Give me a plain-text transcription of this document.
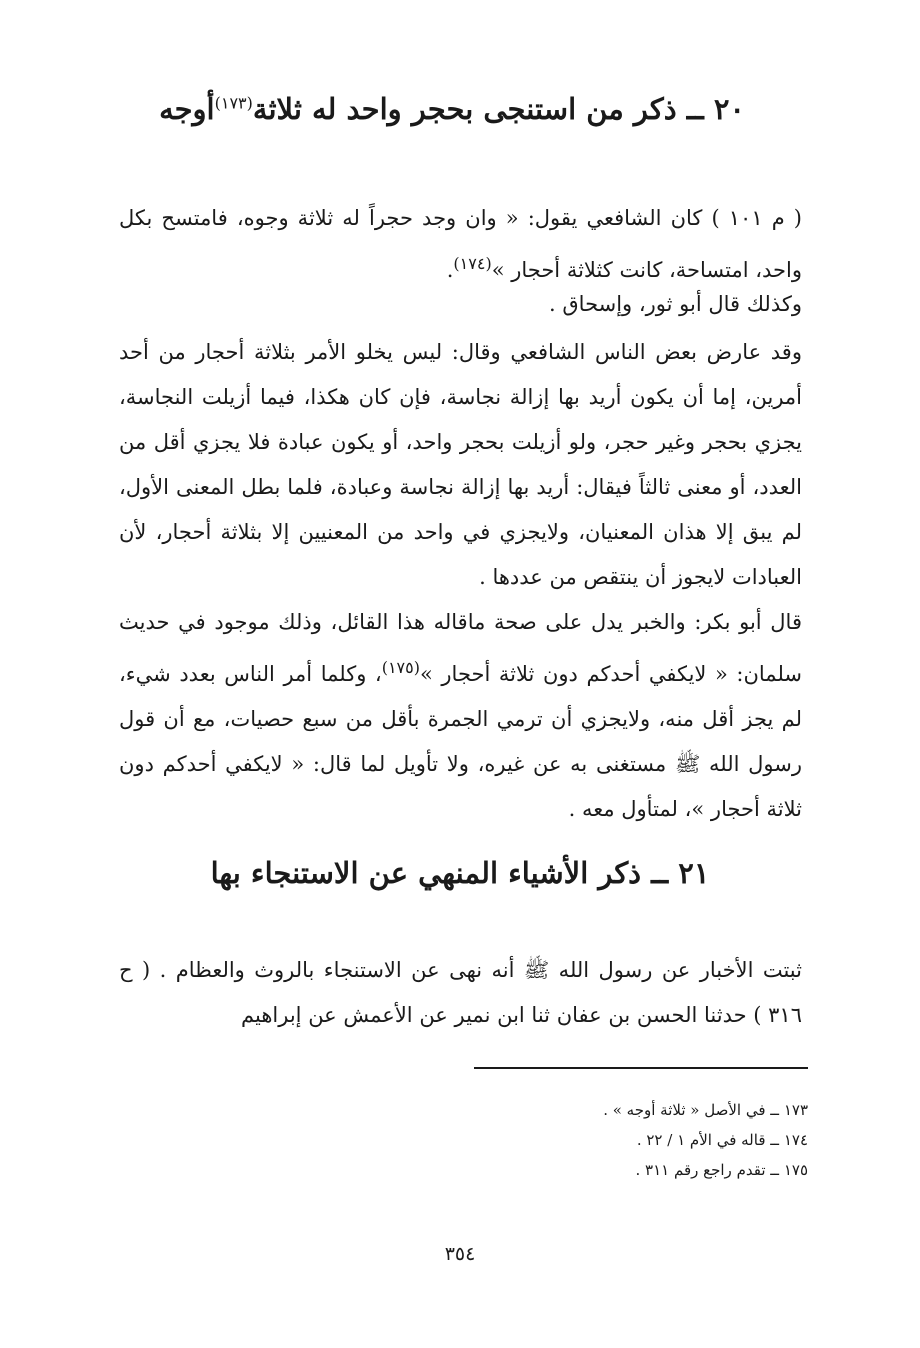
٢٠ ــ ذكر من استنجى بحجر واحد له ثلاثة$^{(١٧٣)}$أوجه

( م ١٠١ ) كان الشافعي يقول: « وان وجد حجراً له ثلاثة وجوه، فامتسح بكل واحد، امتساحة، كانت كثلاثة أحجار »$^{(١٧٤)}$.

وكذلك قال أبو ثور، وإسحاق .

وقد عارض بعض الناس الشافعي وقال: ليس يخلو الأمر بثلاثة أحجار من أحد أمرين، إما أن يكون أريد بها إزالة نجاسة، فإن كان هكذا، فيما أزيلت النجاسة، يجزي بحجر وغير حجر، ولو أزيلت بحجر واحد، أو يكون عبادة فلا يجزي أقل من العدد، أو معنى ثالثاً فيقال: أريد بها إزالة نجاسة وعبادة، فلما بطل المعنى الأول، لم يبق إلا هذان المعنيان، ولايجزي في واحد من المعنيين إلا بثلاثة أحجار، لأن العبادات لايجوز أن ينتقص من عددها .

قال أبو بكر: والخبر يدل على صحة ماقاله هذا القائل، وذلك موجود في حديث سلمان: « لايكفي أحدكم دون ثلاثة أحجار »$^{(١٧٥)}$، وكلما أمر الناس بعدد شيء، لم يجز أقل منه، ولايجزي أن ترمي الجمرة بأقل من سبع حصيات، مع أن قول رسول الله ﷺ مستغنى به عن غيره، ولا تأويل لما قال: « لايكفي أحدكم دون ثلاثة أحجار »، لمتأول معه .

٢١ ــ ذكر الأشياء المنهي عن الاستنجاء بها

ثبتت الأخبار عن رسول الله ﷺ أنه نهى عن الاستنجاء بالروث والعظام . ( ح ٣١٦ ) حدثنا الحسن بن عفان ثنا ابن نمير عن الأعمش عن إبراهيم

١٧٣ ــ في الأصل « ثلاثة أوجه » .

١٧٤ ــ قاله في الأم ١ / ٢٢ .

١٧٥ ــ تقدم راجع رقم ٣١١ .

٣٥٤
